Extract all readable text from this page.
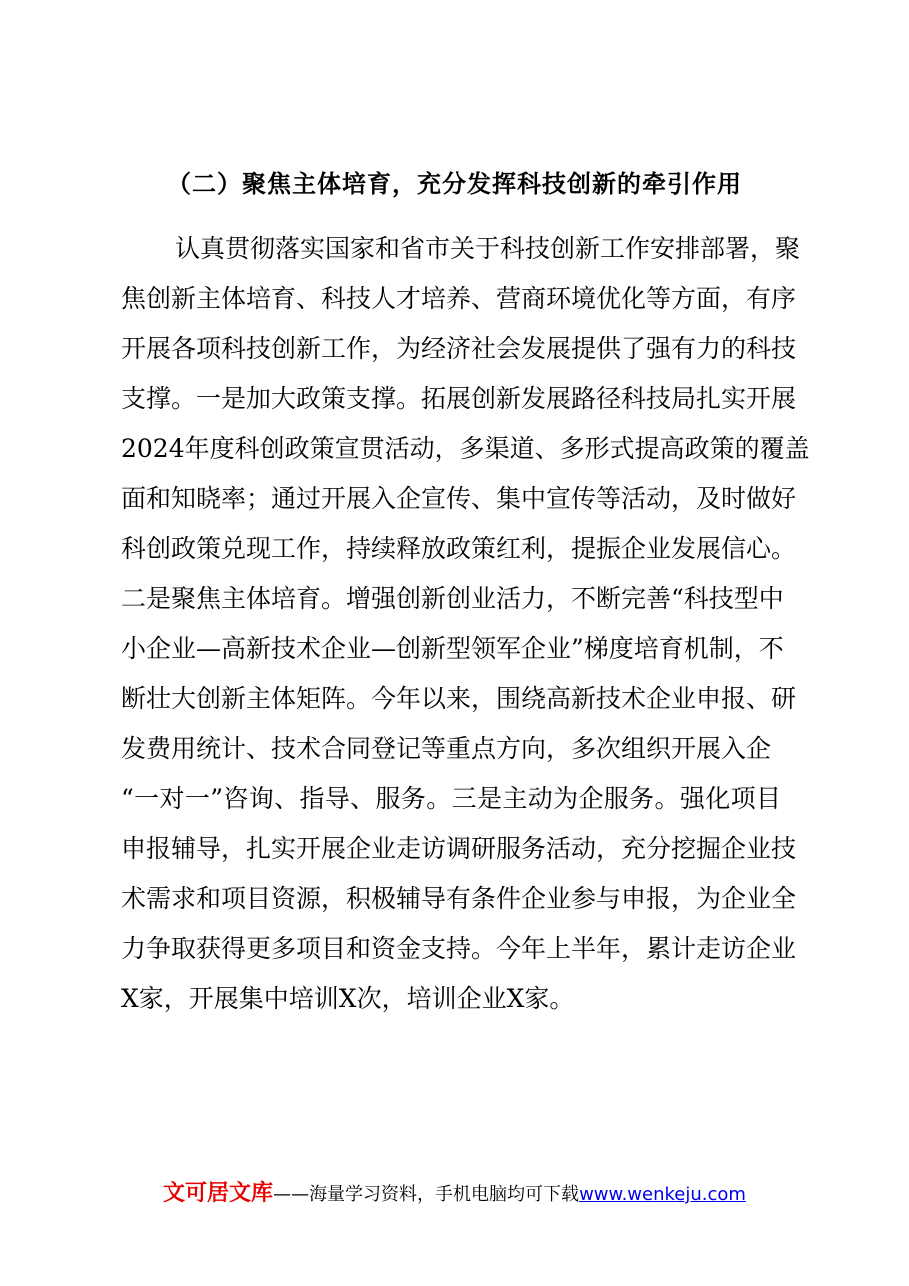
（二）聚焦主体培育，充分发挥科技创新的牵引作用
认真贯彻落实国家和省市关于科技创新工作安排部署，聚
焦创新主体培育、科技人才培养、营商环境优化等方面，有序
开展各项科技创新工作，为经济社会发展提供了强有力的科技
支撑。一是加大政策支撑。拓展创新发展路径科技局扎实开展
2024年度科创政策宣贯活动，多渠道、多形式提高政策的覆盖
面和知晓率；通过开展入企宣传、集中宣传等活动，及时做好
科创政策兑现工作，持续释放政策红利，提振企业发展信心。
二是聚焦主体培育。增强创新创业活力，不断完善“科技型中
小企业—高新技术企业—创新型领军企业”梯度培育机制，不
断壮大创新主体矩阵。今年以来，围绕高新技术企业申报、研
发费用统计、技术合同登记等重点方向，多次组织开展入企
“一对一”咨询、指导、服务。三是主动为企服务。强化项目
申报辅导，扎实开展企业走访调研服务活动，充分挖掘企业技
术需求和项目资源，积极辅导有条件企业参与申报，为企业全
力争取获得更多项目和资金支持。今年上半年，累计走访企业
X家，开展集中培训X次，培训企业X家。
文可居文库——海量学习资料，手机电脑均可下载www.wenkeju.com
